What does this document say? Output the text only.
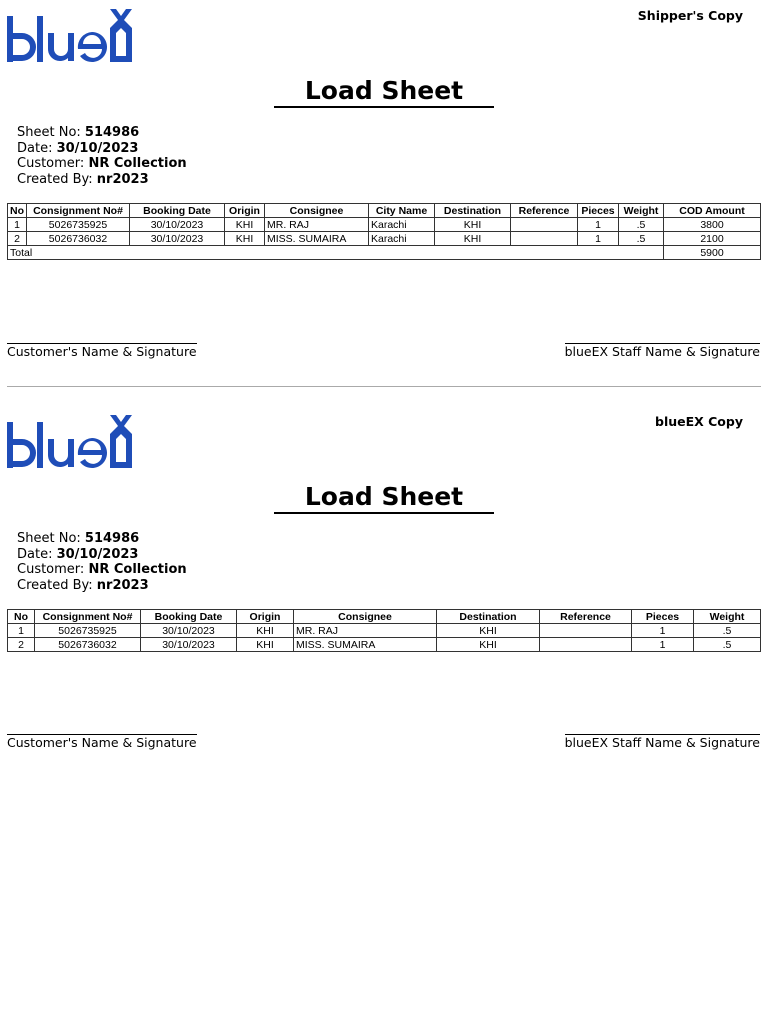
Shipper's Copy
Load Sheet
Sheet No: 514986
Date: 30/10/2023
Customer: NR Collection
Created By: nr2023
No	Consignment No#	Booking Date	Origin	Consignee	City Name	Destination	Reference	Pieces	Weight	COD Amount
1	5026735925	30/10/2023	KHI	MR. RAJ	Karachi	KHI		1	.5	3800
2	5026736032	30/10/2023	KHI	MISS. SUMAIRA	Karachi	KHI		1	.5	2100
Total										5900
Customer's Name & Signature	blueEX Staff Name & Signature
blueEX Copy
Load Sheet
Sheet No: 514986
Date: 30/10/2023
Customer: NR Collection
Created By: nr2023
No	Consignment No#	Booking Date	Origin	Consignee	Destination	Reference	Pieces	Weight
1	5026735925	30/10/2023	KHI	MR. RAJ	KHI		1	.5
2	5026736032	30/10/2023	KHI	MISS. SUMAIRA	KHI		1	.5
Customer's Name & Signature	blueEX Staff Name & Signature
